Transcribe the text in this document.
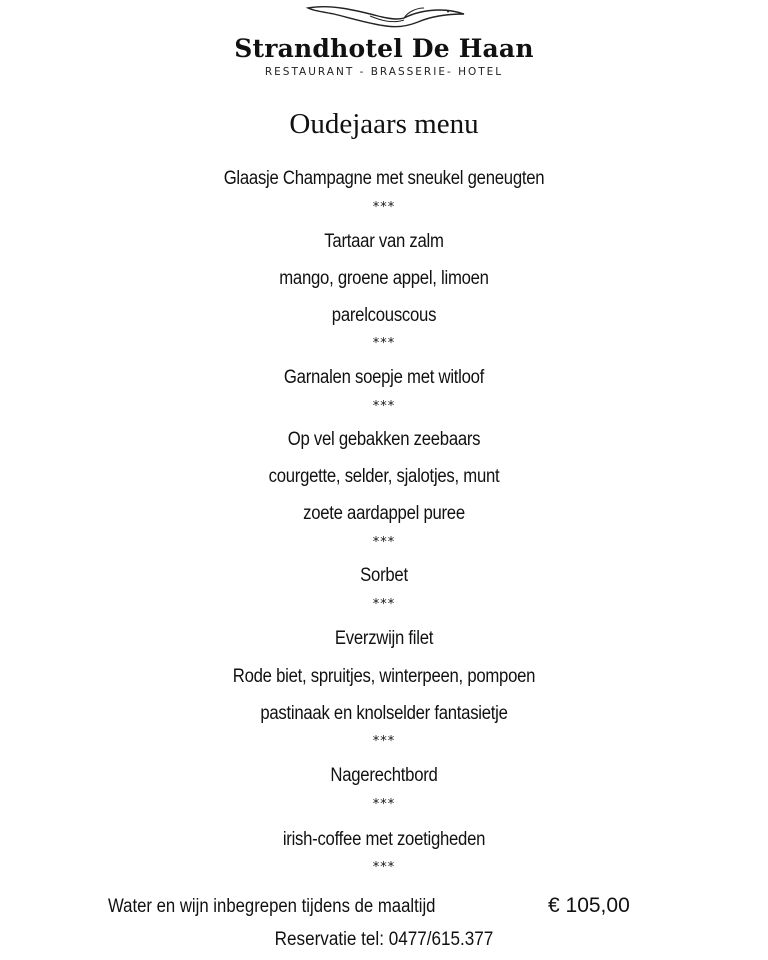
Strandhotel De Haan
RESTAURANT - BRASSERIE- HOTEL
Oudejaars menu
Glaasje Champagne met sneukel geneugten
***
Tartaar van zalm
mango, groene appel, limoen
parelcouscous
***
Garnalen soepje met witloof
***
Op vel gebakken zeebaars
courgette, selder, sjalotjes, munt
zoete aardappel puree
***
Sorbet
***
Everzwijn filet
Rode biet, spruitjes, winterpeen, pompoen
pastinaak en knolselder fantasietje
***
Nagerechtbord
***
irish-coffee met zoetigheden
***
Water en wijn inbegrepen tijdens de maaltijd	€ 105,00
Reservatie tel: 0477/615.377
